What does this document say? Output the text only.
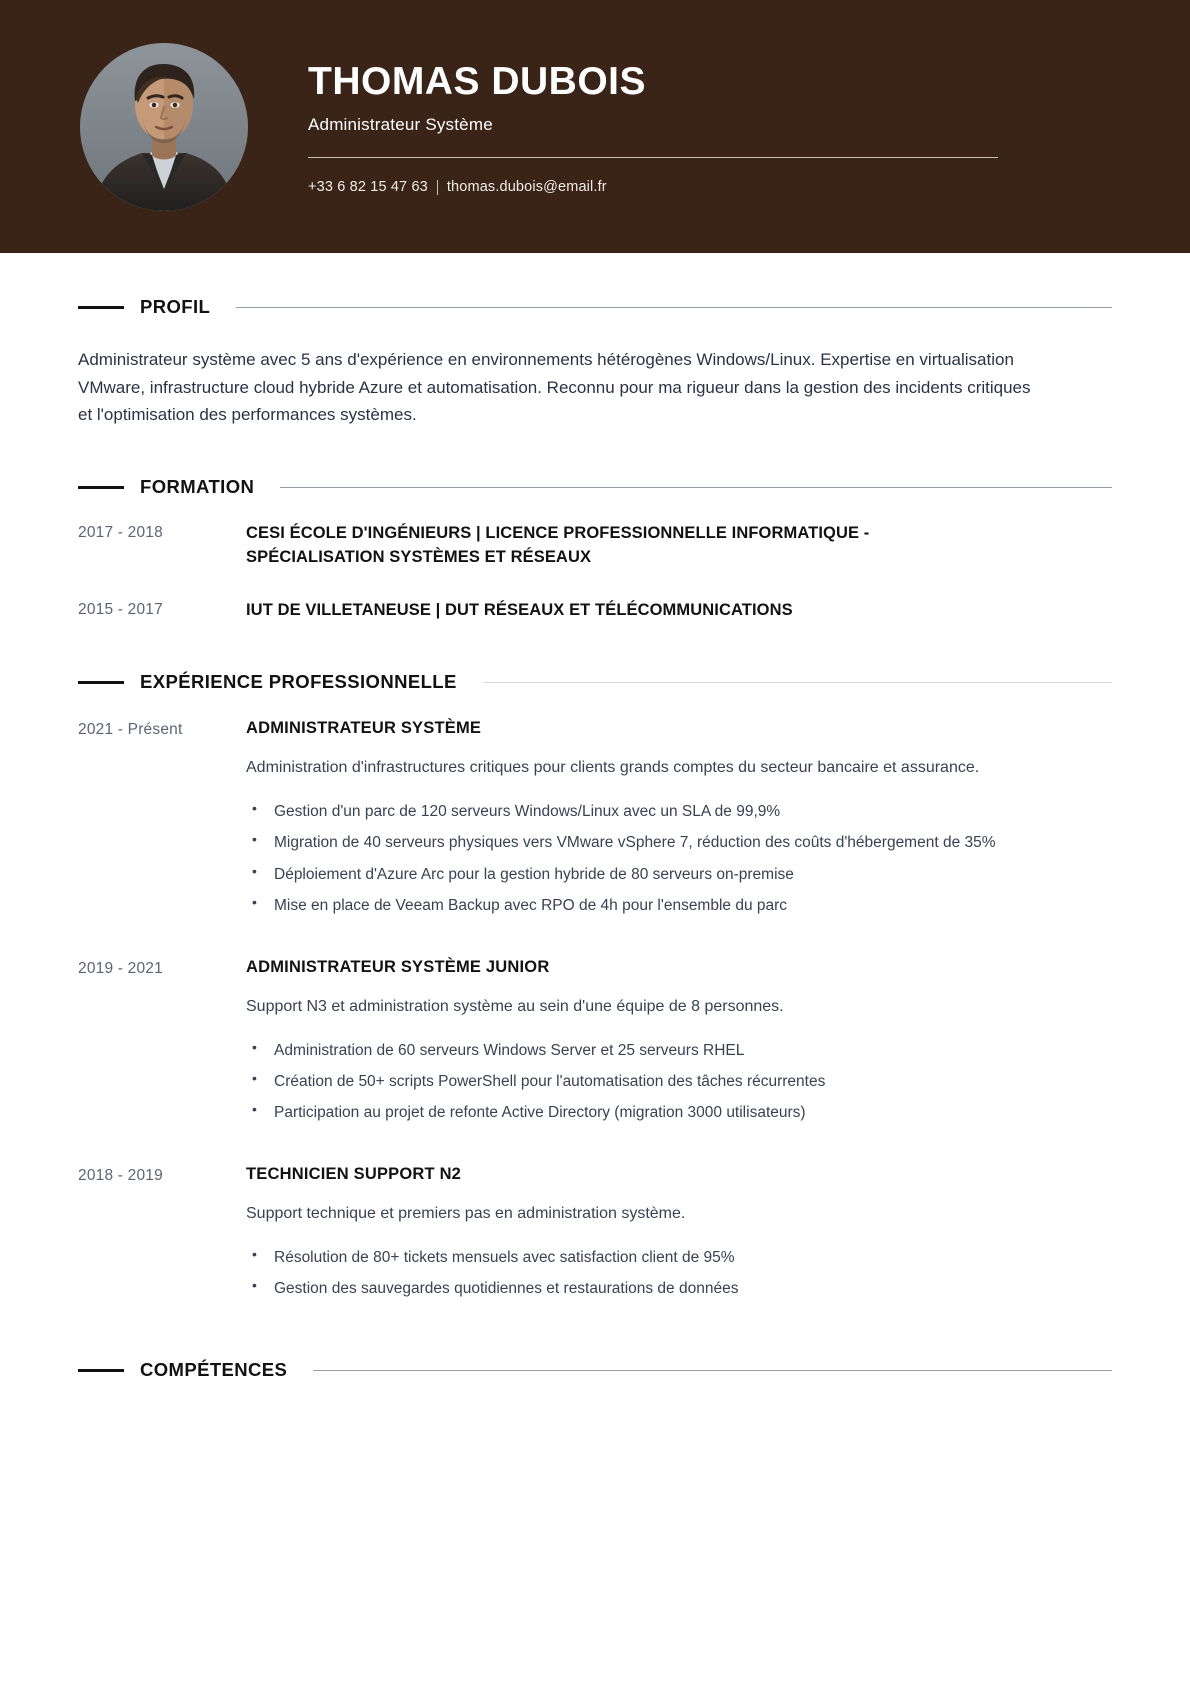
THOMAS DUBOIS
Administrateur Système
+33 6 82 15 47 63 thomas.dubois@email.fr
PROFIL

Administrateur système avec 5 ans d'expérience en environnements hétérogènes Windows/Linux. Expertise en virtualisation VMware, infrastructure cloud hybride Azure et automatisation. Reconnu pour ma rigueur dans la gestion des incidents critiques et l'optimisation des performances systèmes.

FORMATION
2017 - 2018	CESI ÉCOLE D'INGÉNIEURS | LICENCE PROFESSIONNELLE INFORMATIQUE - SPÉCIALISATION SYSTÈMES ET RÉSEAUX
2015 - 2017	IUT DE VILLETANEUSE | DUT RÉSEAUX ET TÉLÉCOMMUNICATIONS
EXPÉRIENCE PROFESSIONNELLE
2021 - Présent	ADMINISTRATEUR SYSTÈME
Administration d'infrastructures critiques pour clients grands comptes du secteur bancaire et assurance.
• Gestion d'un parc de 120 serveurs Windows/Linux avec un SLA de 99,9%
• Migration de 40 serveurs physiques vers VMware vSphere 7, réduction des coûts d'hébergement de 35%
• Déploiement d'Azure Arc pour la gestion hybride de 80 serveurs on-premise
• Mise en place de Veeam Backup avec RPO de 4h pour l'ensemble du parc
2019 - 2021	ADMINISTRATEUR SYSTÈME JUNIOR
Support N3 et administration système au sein d'une équipe de 8 personnes.
• Administration de 60 serveurs Windows Server et 25 serveurs RHEL
• Création de 50+ scripts PowerShell pour l'automatisation des tâches récurrentes
• Participation au projet de refonte Active Directory (migration 3000 utilisateurs)
2018 - 2019	TECHNICIEN SUPPORT N2
Support technique et premiers pas en administration système.
• Résolution de 80+ tickets mensuels avec satisfaction client de 95%
• Gestion des sauvegardes quotidiennes et restaurations de données
COMPÉTENCES
